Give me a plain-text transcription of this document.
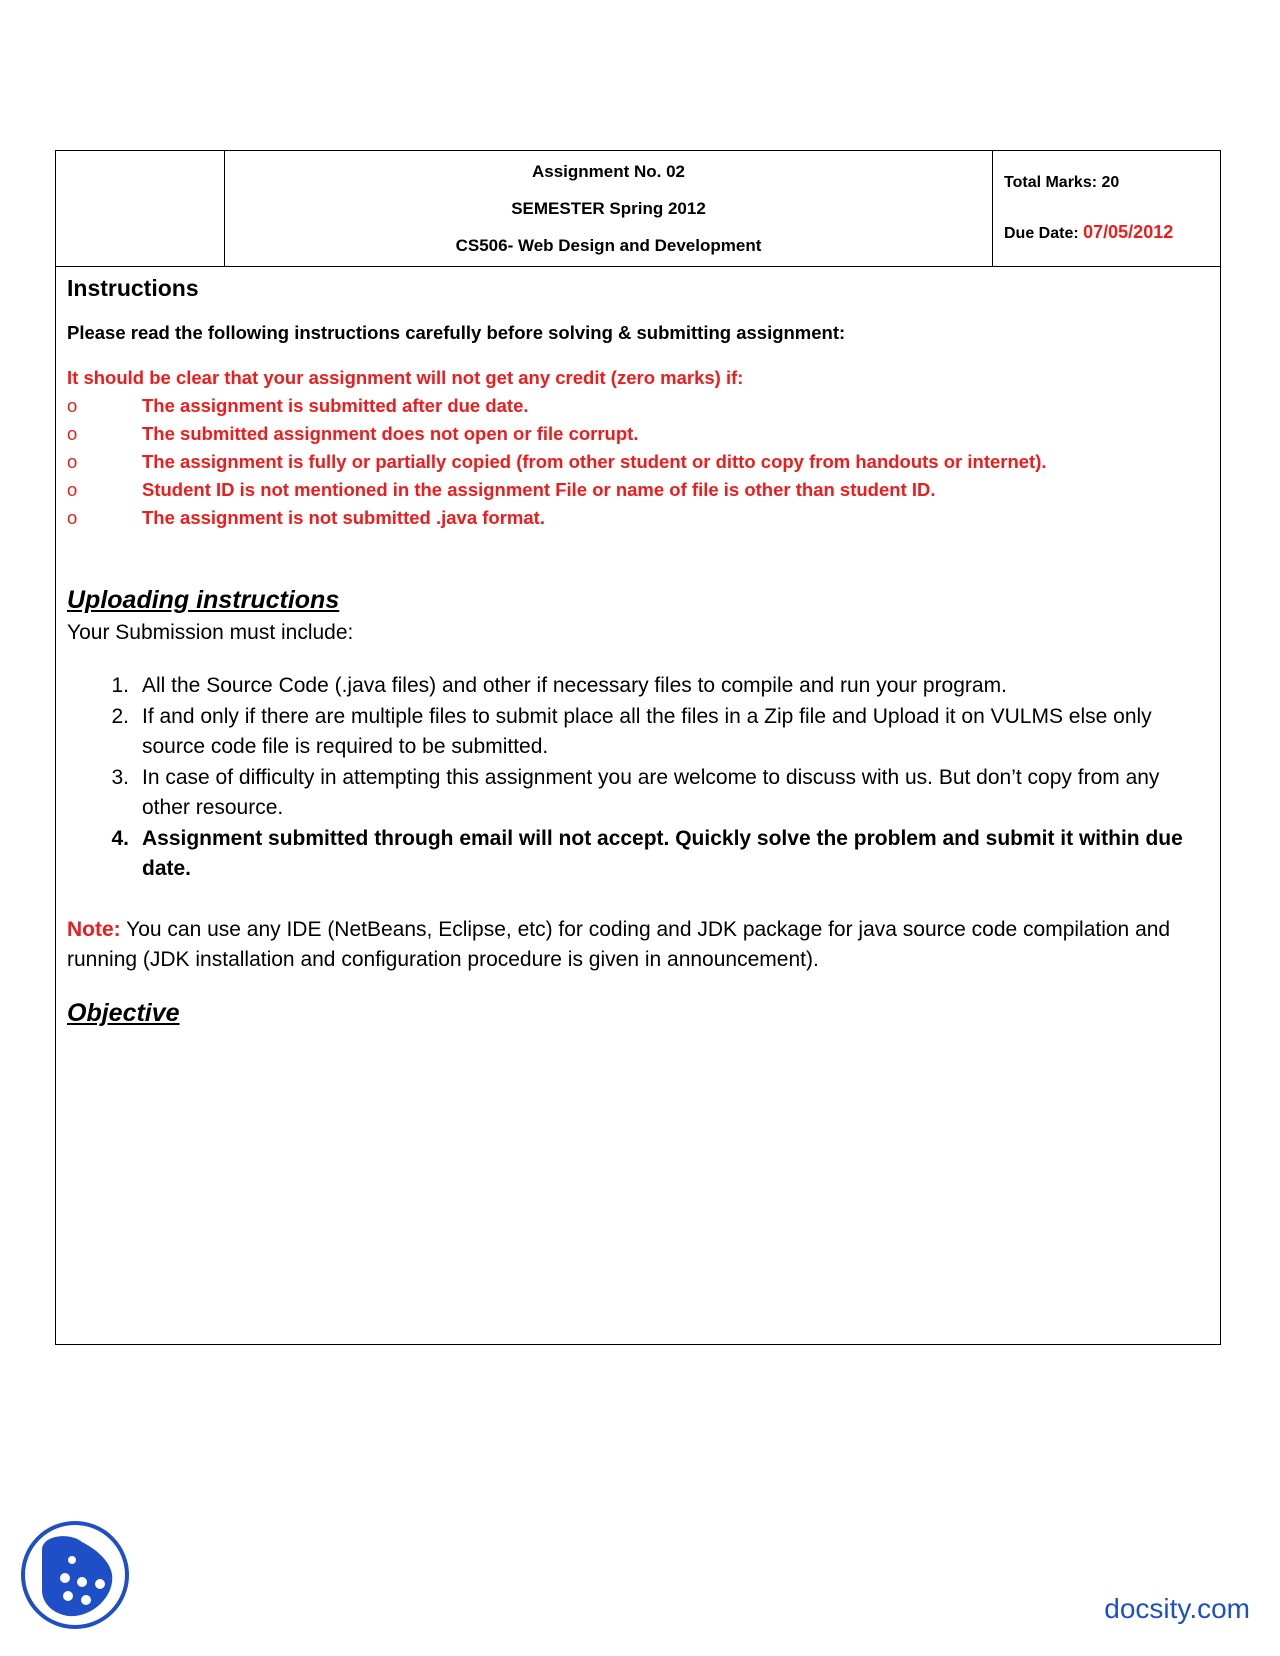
Assignment No. 02
SEMESTER Spring 2012
CS506- Web Design and Development
Total Marks: 20
Due Date: 07/05/2012
Instructions
Please read the following instructions carefully before solving & submitting assignment:
It should be clear that your assignment will not get any credit (zero marks) if:
o	The assignment is submitted after due date.
o	The submitted assignment does not open or file corrupt.
o	The assignment is fully or partially copied (from other student or ditto copy from handouts or internet).
o	Student ID is not mentioned in the assignment File or name of file is other than student ID.
o	The assignment is not submitted .java format.
Uploading instructions
Your Submission must include:
1. All the Source Code (.java files) and other if necessary files to compile and run your program.
2. If and only if there are multiple files to submit place all the files in a Zip file and Upload it on VULMS else only source code file is required to be submitted.
3. In case of difficulty in attempting this assignment you are welcome to discuss with us. But don’t copy from any other resource.
4. Assignment submitted through email will not accept. Quickly solve the problem and submit it within due date.
Note: You can use any IDE (NetBeans, Eclipse, etc) for coding and JDK package for java source code compilation and running (JDK installation and configuration procedure is given in announcement).
Objective
docsity.com
